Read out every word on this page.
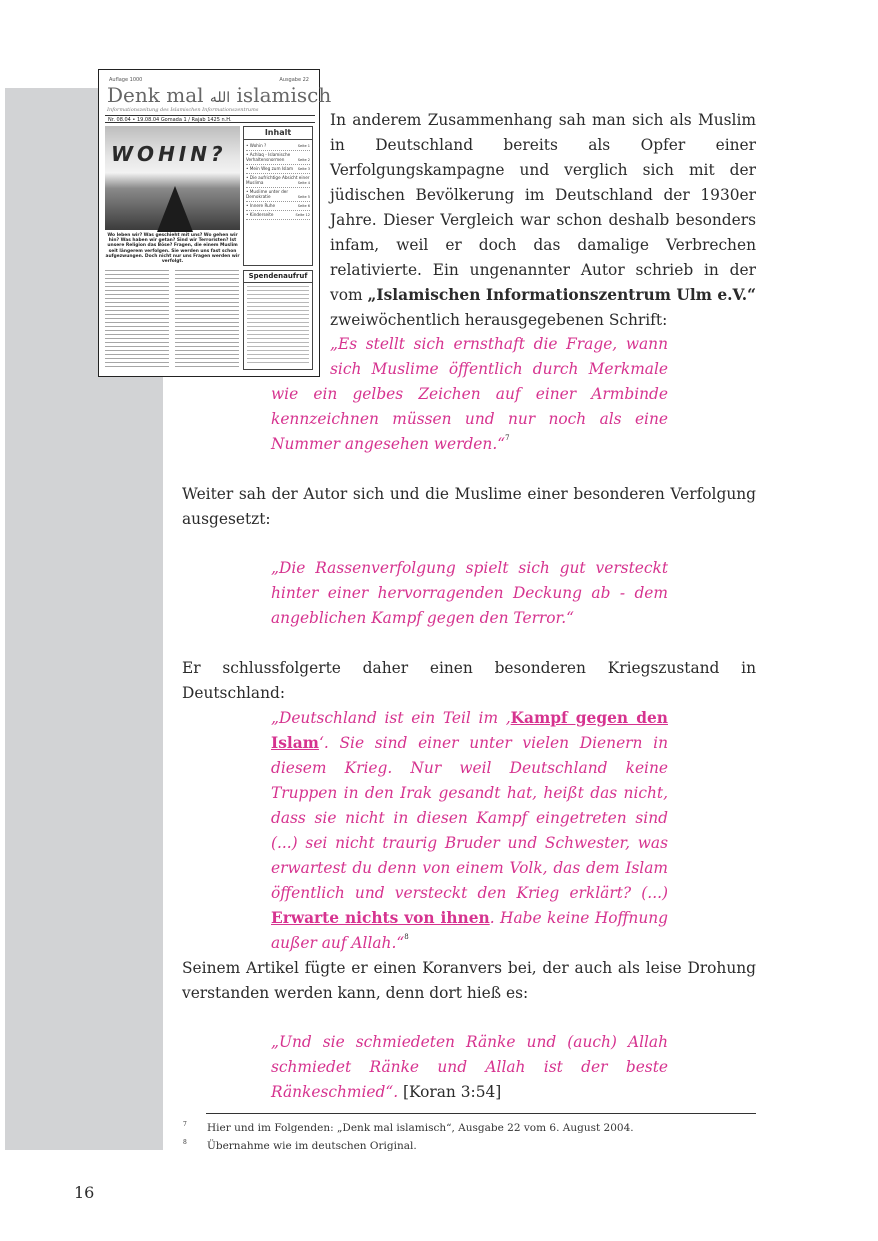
Auflage 1000	Ausgabe 22
Denk mal الله islamisch
Informationszeitung des Islamischen Informationszentrums
Nr. 08.04 • 19.08.04 Gomada 1 / Rajab 1425 n.H.
WOHIN?
Wo leben wir? Was geschieht mit uns? Wo gehen wir hin? Was haben wir getan? Sind wir Terroristen? Ist unsere Religion das Böse? Fragen, die einem Muslim seit längerem verfolgen. Sie werden uns fast schon aufgezwungen. Doch nicht nur uns Fragen werden wir verfolgt.
Inhalt
• Wohin ?	Seite 1
• Achlaq - Islamische Verhaltensnormen	Seite 2
• Mein Weg zum Islam Seite 3
• Die aufrichtige Absicht einer Muslima	Seite 4
• Muslime unter der Demokratie	Seite 5
• Innere Ruhe	Seite 6
• Kinderseite	Seite 12
Spendenaufruf
In anderem Zusammenhang sah man sich als Muslim in Deutschland bereits als Opfer einer Verfolgungskampagne und verglich sich mit der jüdischen Bevölkerung im Deutschland der 1930er Jahre. Dieser Vergleich war schon deshalb besonders infam, weil er doch das damalige Verbrechen relativierte. Ein ungenannter Autor schrieb in der vom „Islamischen Informationszentrum Ulm e.V.“ zweiwöchentlich herausgegebenen Schrift:
„Es stellt sich ernsthaft die Frage, wann sich Muslime öffentlich durch Merkmale wie ein gelbes Zeichen auf einer Armbinde kennzeichnen müssen und nur noch als eine Nummer angesehen werden.“$^7$
Weiter sah der Autor sich und die Muslime einer besonderen Verfolgung ausgesetzt:
„Die Rassenverfolgung spielt sich gut versteckt hinter einer hervorragenden Deckung ab - dem angeblichen Kampf gegen den Terror.“
Er schlussfolgerte daher einen besonderen Kriegszustand in Deutschland:
„Deutschland ist ein Teil im ‚Kampf gegen den Islam‘. Sie sind einer unter vielen Dienern in diesem Krieg. Nur weil Deutschland keine Truppen in den Irak gesandt hat, heißt das nicht, dass sie nicht in diesen Kampf eingetreten sind (...) sei nicht traurig Bruder und Schwester, was erwartest du denn von einem Volk, das dem Islam öffentlich und versteckt den Krieg erklärt? (...) Erwarte nichts von ihnen. Habe keine Hoffnung außer auf Allah.“$^8$
Seinem Artikel fügte er einen Koranvers bei, der auch als leise Drohung verstanden werden kann, denn dort hieß es:
„Und sie schmiedeten Ränke und (auch) Allah schmiedet Ränke und Allah ist der beste Ränkeschmied“. [Koran 3:54]
7 Hier und im Folgenden: „Denk mal islamisch“, Ausgabe 22 vom 6. August 2004.
8 Übernahme wie im deutschen Original.
16
